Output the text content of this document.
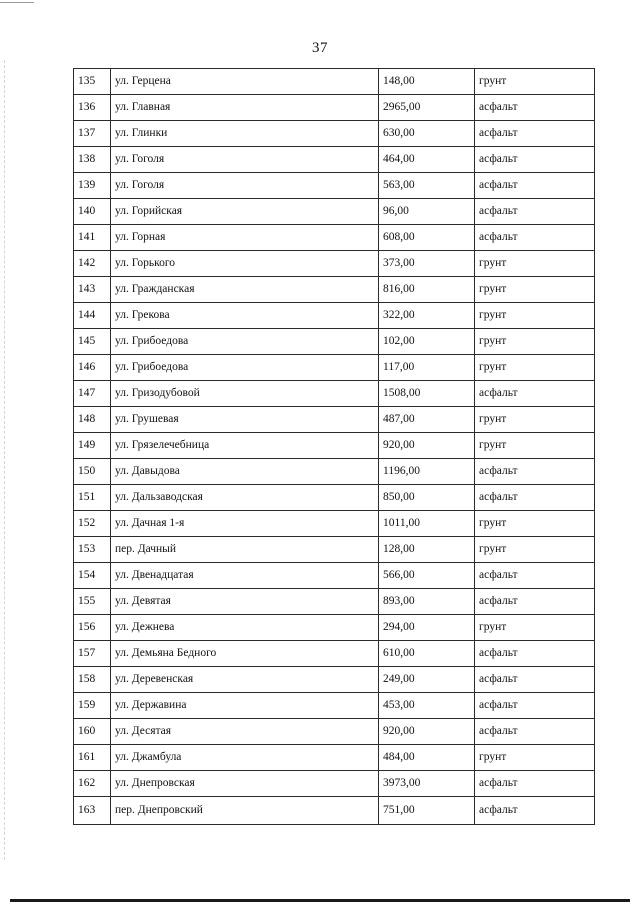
37
135	ул. Герцена	148,00	грунт
136	ул. Главная	2965,00	асфальт
137	ул. Глинки	630,00	асфальт
138	ул. Гоголя	464,00	асфальт
139	ул. Гоголя	563,00	асфальт
140	ул. Горийская	96,00	асфальт
141	ул. Горная	608,00	асфальт
142	ул. Горького	373,00	грунт
143	ул. Гражданская	816,00	грунт
144	ул. Грекова	322,00	грунт
145	ул. Грибоедова	102,00	грунт
146	ул. Грибоедова	117,00	грунт
147	ул. Гризодубовой	1508,00	асфальт
148	ул. Грушевая	487,00	грунт
149	ул. Грязелечебница	920,00	грунт
150	ул. Давыдова	1196,00	асфальт
151	ул. Дальзаводская	850,00	асфальт
152	ул. Дачная 1-я	1011,00	грунт
153	пер. Дачный	128,00	грунт
154	ул. Двенадцатая	566,00	асфальт
155	ул. Девятая	893,00	асфальт
156	ул. Дежнева	294,00	грунт
157	ул. Демьяна Бедного	610,00	асфальт
158	ул. Деревенская	249,00	асфальт
159	ул. Державина	453,00	асфальт
160	ул. Десятая	920,00	асфальт
161	ул. Джамбула	484,00	грунт
162	ул. Днепровская	3973,00	асфальт
163	пер. Днепровский	751,00	асфальт
